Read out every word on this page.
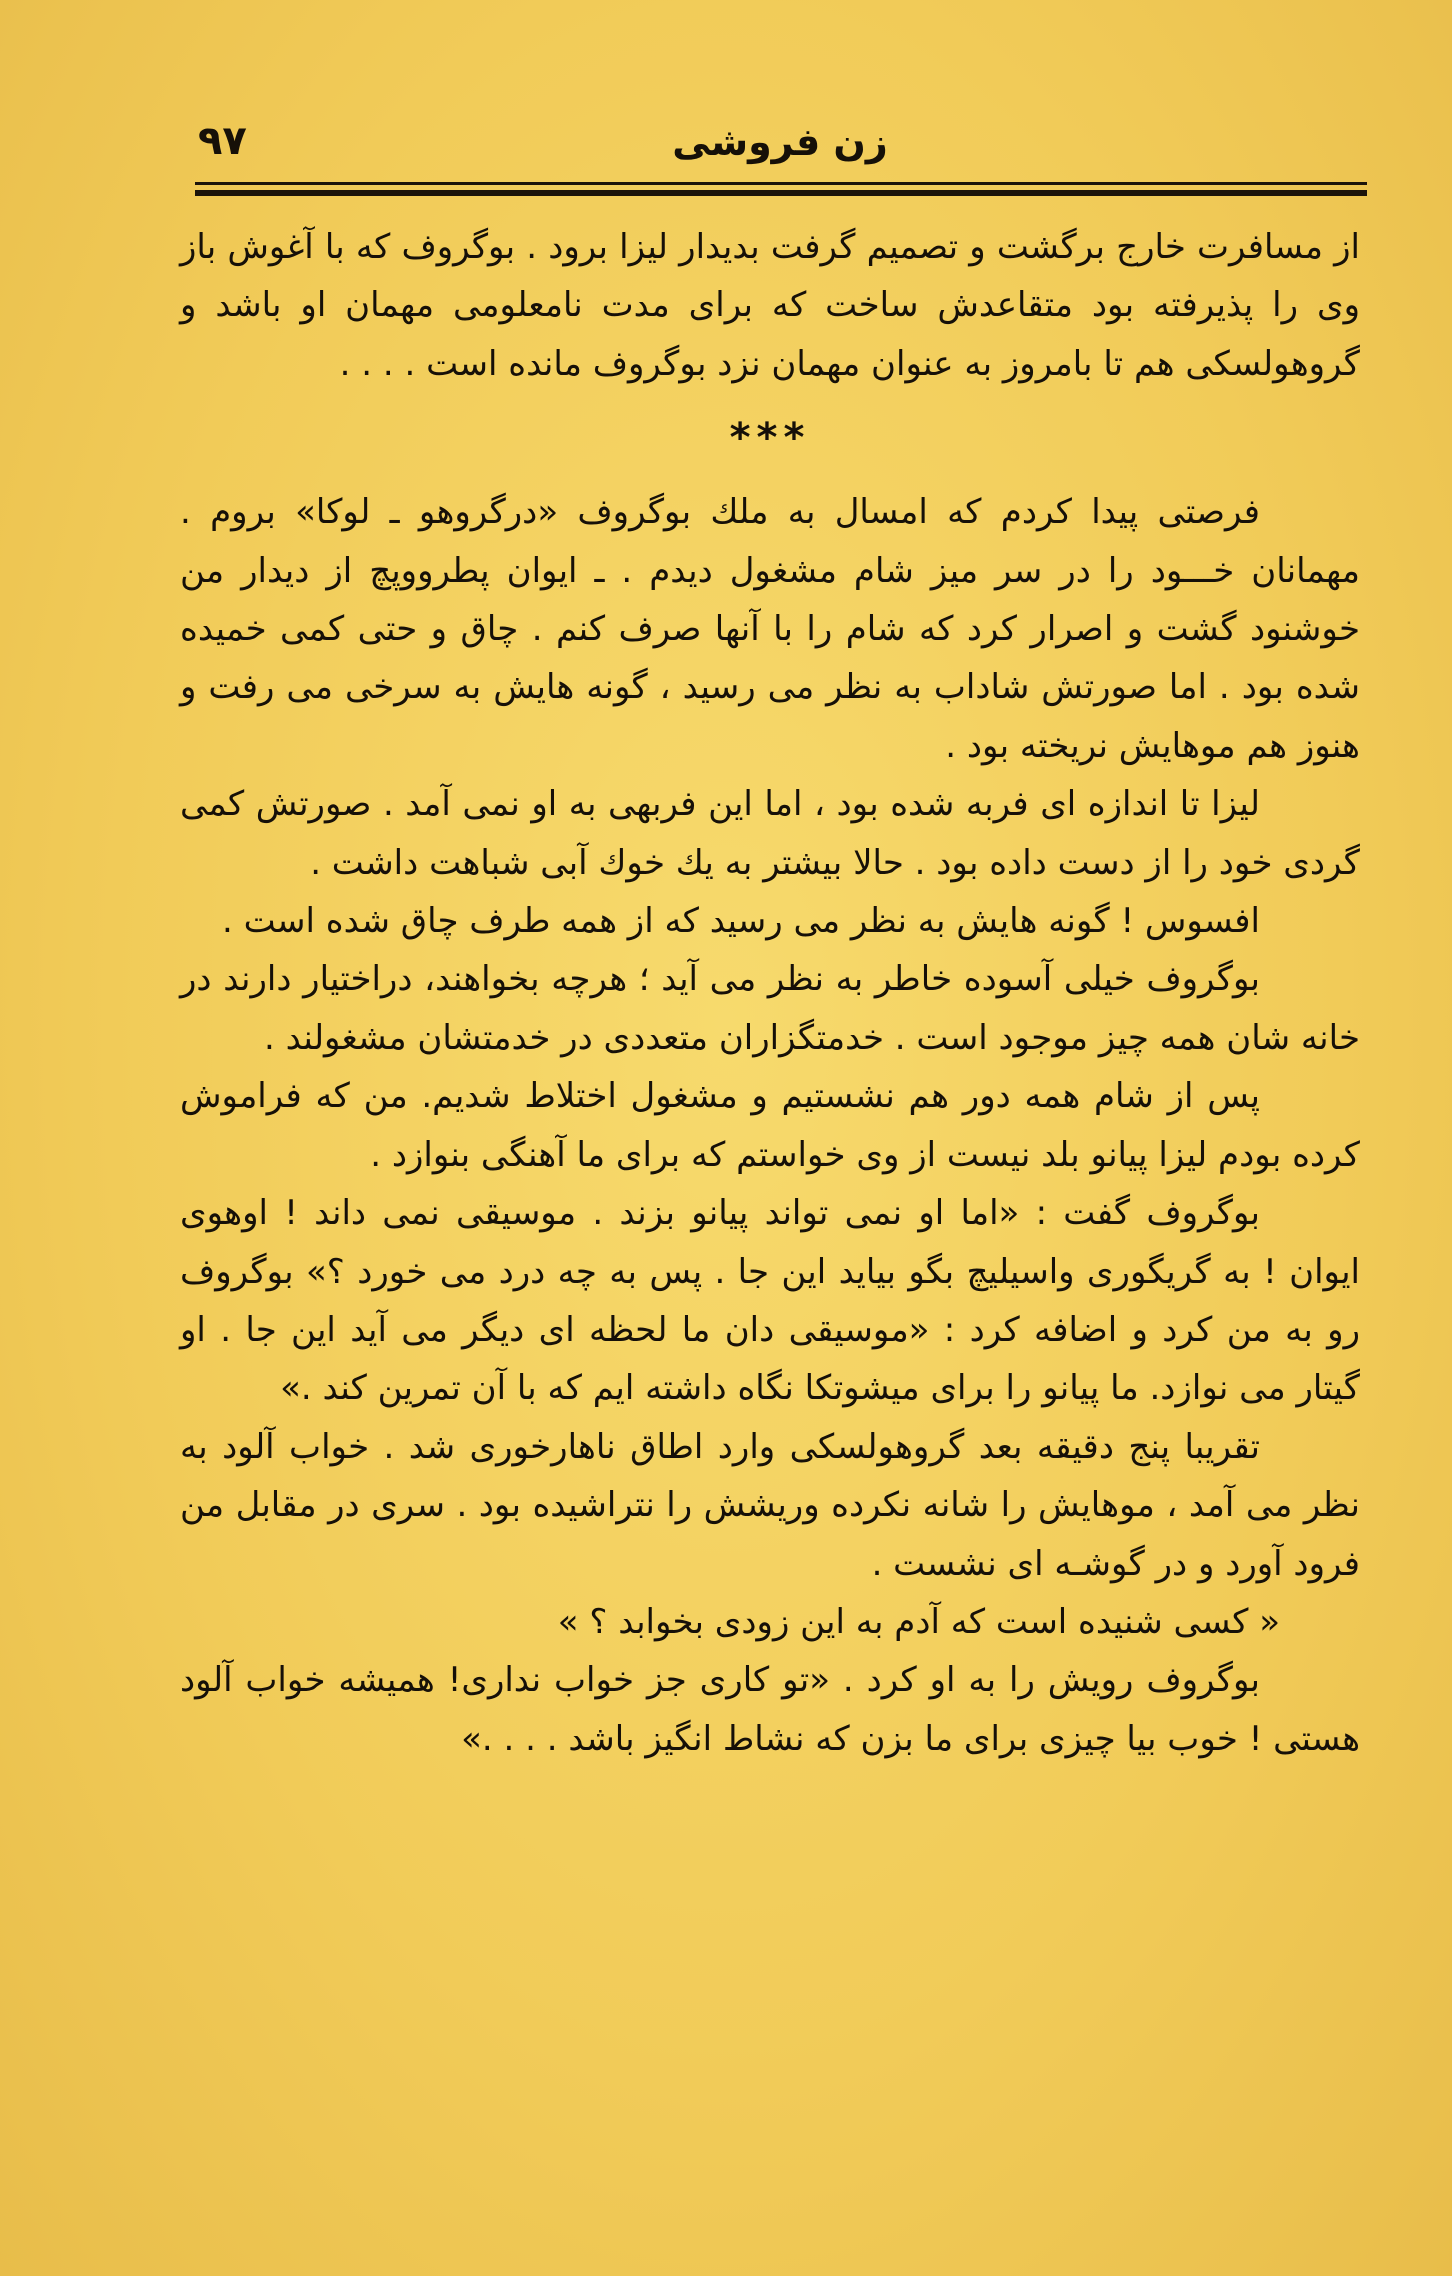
زن فروشی
۹۷

از مسافرت خارج برگشت و تصمیم گرفت بدیدار لیزا برود . بوگروف که با آغوش باز وی را پذیرفته بود متقاعدش ساخت که برای مدت نامعلومی مهمان او باشد و گروهولسکی هم تا بامروز به عنوان مهمان نزد بوگروف مانده است . . . .

***

فرصتی پیدا کردم که امسال به ملك بوگروف «درگروهو ـ لوکا» بروم . مهمانان خـــود را در سر میز شام مشغول دیدم . ـ ایوان پطرووپچ از دیدار من خوشنود گشت و اصرار کرد که شام را با آنها صرف کنم . چاق و حتی کمی خمیده شده بود . اما صورتش شاداب به نظر می رسید ، گونه هایش به سرخی می رفت و هنوز هم موهایش نریخته بود .

لیزا تا اندازه ای فربه شده بود ، اما این فربهی به او نمی آمد . صورتش کمی گردی خود را از دست داده بود . حالا بیشتر به یك خوك آبی شباهت داشت .

افسوس ! گونه هایش به نظر می رسید که از همه طرف چاق شده است .

بوگروف خیلی آسوده خاطر به نظر می آید ؛ هرچه بخواهند، دراختیار دارند در خانه شان همه چیز موجود است . خدمتگزاران متعددی در خدمتشان مشغولند .

پس از شام همه دور هم نشستیم و مشغول اختلاط شدیم. من که فراموش کرده بودم لیزا پیانو بلد نیست از وی خواستم که برای ما آهنگی بنوازد .

بوگروف گفت : «اما او نمی تواند پیانو بزند . موسیقی نمی داند ! اوهوی ایوان ! به گریگوری واسیلیچ بگو بیاید این جا . پس به چه درد می خورد ؟» بوگروف رو به من کرد و اضافه کرد : «موسیقی دان ما لحظه ای دیگر می آید این جا . او گیتار می نوازد. ما پیانو را برای میشوتکا نگاه داشته ایم که با آن تمرین کند .»

تقریبا پنج دقیقه بعد گروهولسکی وارد اطاق ناهارخوری شد . خواب آلود به نظر می آمد ، موهایش را شانه نکرده وریشش را نتراشیده بود . سری در مقابل من فرود آورد و در گوشـه ای نشست .

« کسی شنیده است که آدم به این زودی بخوابد ؟ »

بوگروف رویش را به او کرد . «تو کاری جز خواب نداری! همیشه خواب آلود هستی ! خوب بیا چیزی برای ما بزن که نشاط انگیز باشد . . . .»
